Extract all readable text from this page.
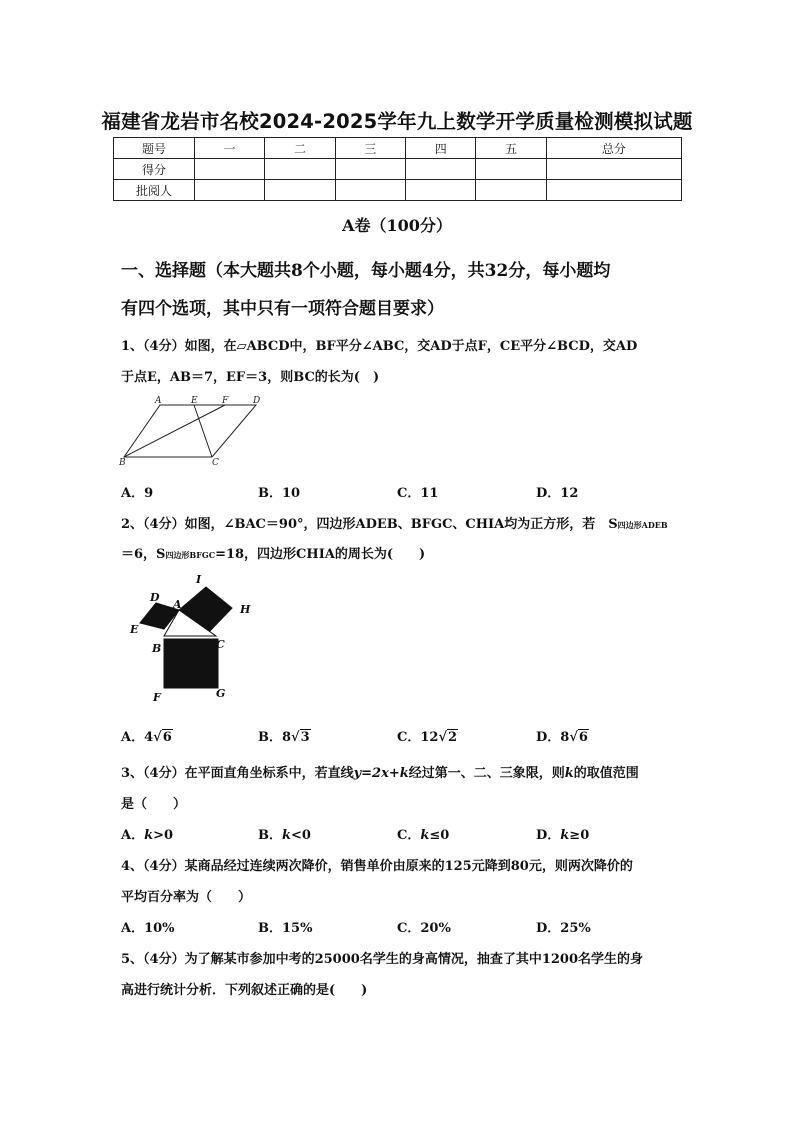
福建省龙岩市名校2024-2025学年九上数学开学质量检测模拟试题
题号	一	二	三	四	五	总分
得分						
批阅人						
A卷（100分）
一、选择题（本大题共8个小题，每小题4分，共32分，每小题均
有四个选项，其中只有一项符合题目要求）
1、（4分）如图，在▱ABCD中，BF平分∠ABC，交AD于点F，CE平分∠BCD，交AD
于点E，AB＝7，EF＝3，则BC的长为(　)
A	E	F	D
B	C
A．9	B．10	C．11	D．12
2、（4分）如图，∠BAC＝90°，四边形ADEB、BFGC、CHIA均为正方形，若　S四边形ADEB
＝6，S四边形BFGC=18，四边形CHIA的周长为(　　)
I
D
A	H
E
B	C
F	G
A．4√6	B．8√3	C．12√2	D．8√6
3、（4分）在平面直角坐标系中，若直线y=2x+k经过第一、二、三象限，则k的取值范围
是（　　）
A．k>0	B．k<0	C．k≤0	D．k≥0
4、（4分）某商品经过连续两次降价，销售单价由原来的125元降到80元，则两次降价的
平均百分率为（　　）
A．10%	B．15%	C．20%	D．25%
5、（4分）为了解某市参加中考的25000名学生的身高情况，抽查了其中1200名学生的身
高进行统计分析．下列叙述正确的是(　　)
